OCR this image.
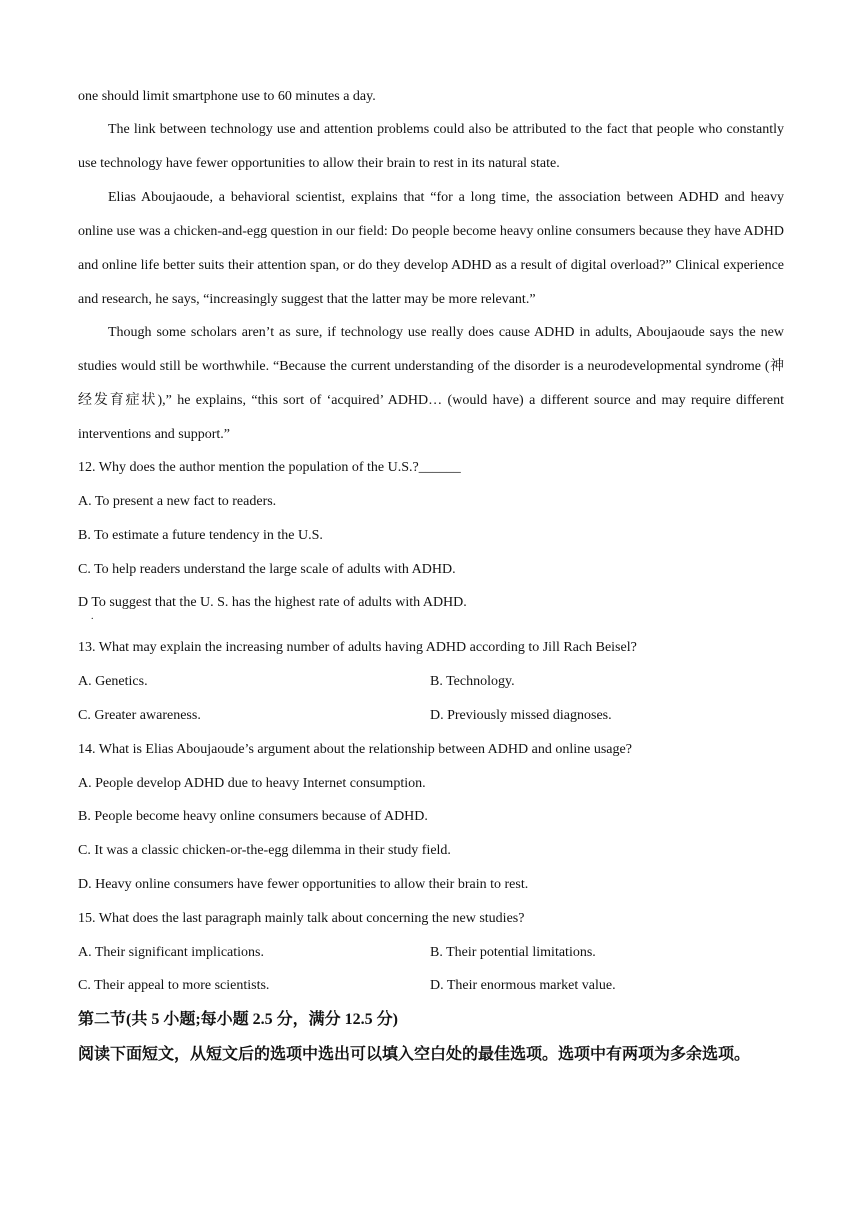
one should limit smartphone use to 60 minutes a day.
The link between technology use and attention problems could also be attributed to the fact that people who constantly use technology have fewer opportunities to allow their brain to rest in its natural state.
Elias Aboujaoude, a behavioral scientist, explains that “for a long time, the association between ADHD and heavy online use was a chicken-and-egg question in our field: Do people become heavy online consumers because they have ADHD and online life better suits their attention span, or do they develop ADHD as a result of digital overload?” Clinical experience and research, he says, “increasingly suggest that the latter may be more relevant.”
Though some scholars aren’t as sure, if technology use really does cause ADHD in adults, Aboujaoude says the new studies would still be worthwhile. “Because the current understanding of the disorder is a neurodevelopmental syndrome (神经发育症状),” he explains, “this sort of ‘acquired’ ADHD… (would have) a different source and may require different interventions and support.”
12. Why does the author mention the population of the U.S.?______
A. To present a new fact to readers.
B. To estimate a future tendency in the U.S.
C. To help readers understand the large scale of adults with ADHD.
D To suggest that the U. S. has the highest rate of adults with ADHD.
.
13. What may explain the increasing number of adults having ADHD according to Jill Rach Beisel?
A. Genetics.	B. Technology.
C. Greater awareness.	D. Previously missed diagnoses.
14. What is Elias Aboujaoude’s argument about the relationship between ADHD and online usage?
A. People develop ADHD due to heavy Internet consumption.
B. People become heavy online consumers because of ADHD.
C. It was a classic chicken-or-the-egg dilemma in their study field.
D. Heavy online consumers have fewer opportunities to allow their brain to rest.
15. What does the last paragraph mainly talk about concerning the new studies?
A. Their significant implications.	B. Their potential limitations.
C. Their appeal to more scientists.	D. Their enormous market value.
第二节(共 5 小题;每小题 2.5 分，满分 12.5 分)
阅读下面短文，从短文后的选项中选出可以填入空白处的最佳选项。选项中有两项为多余选项。
